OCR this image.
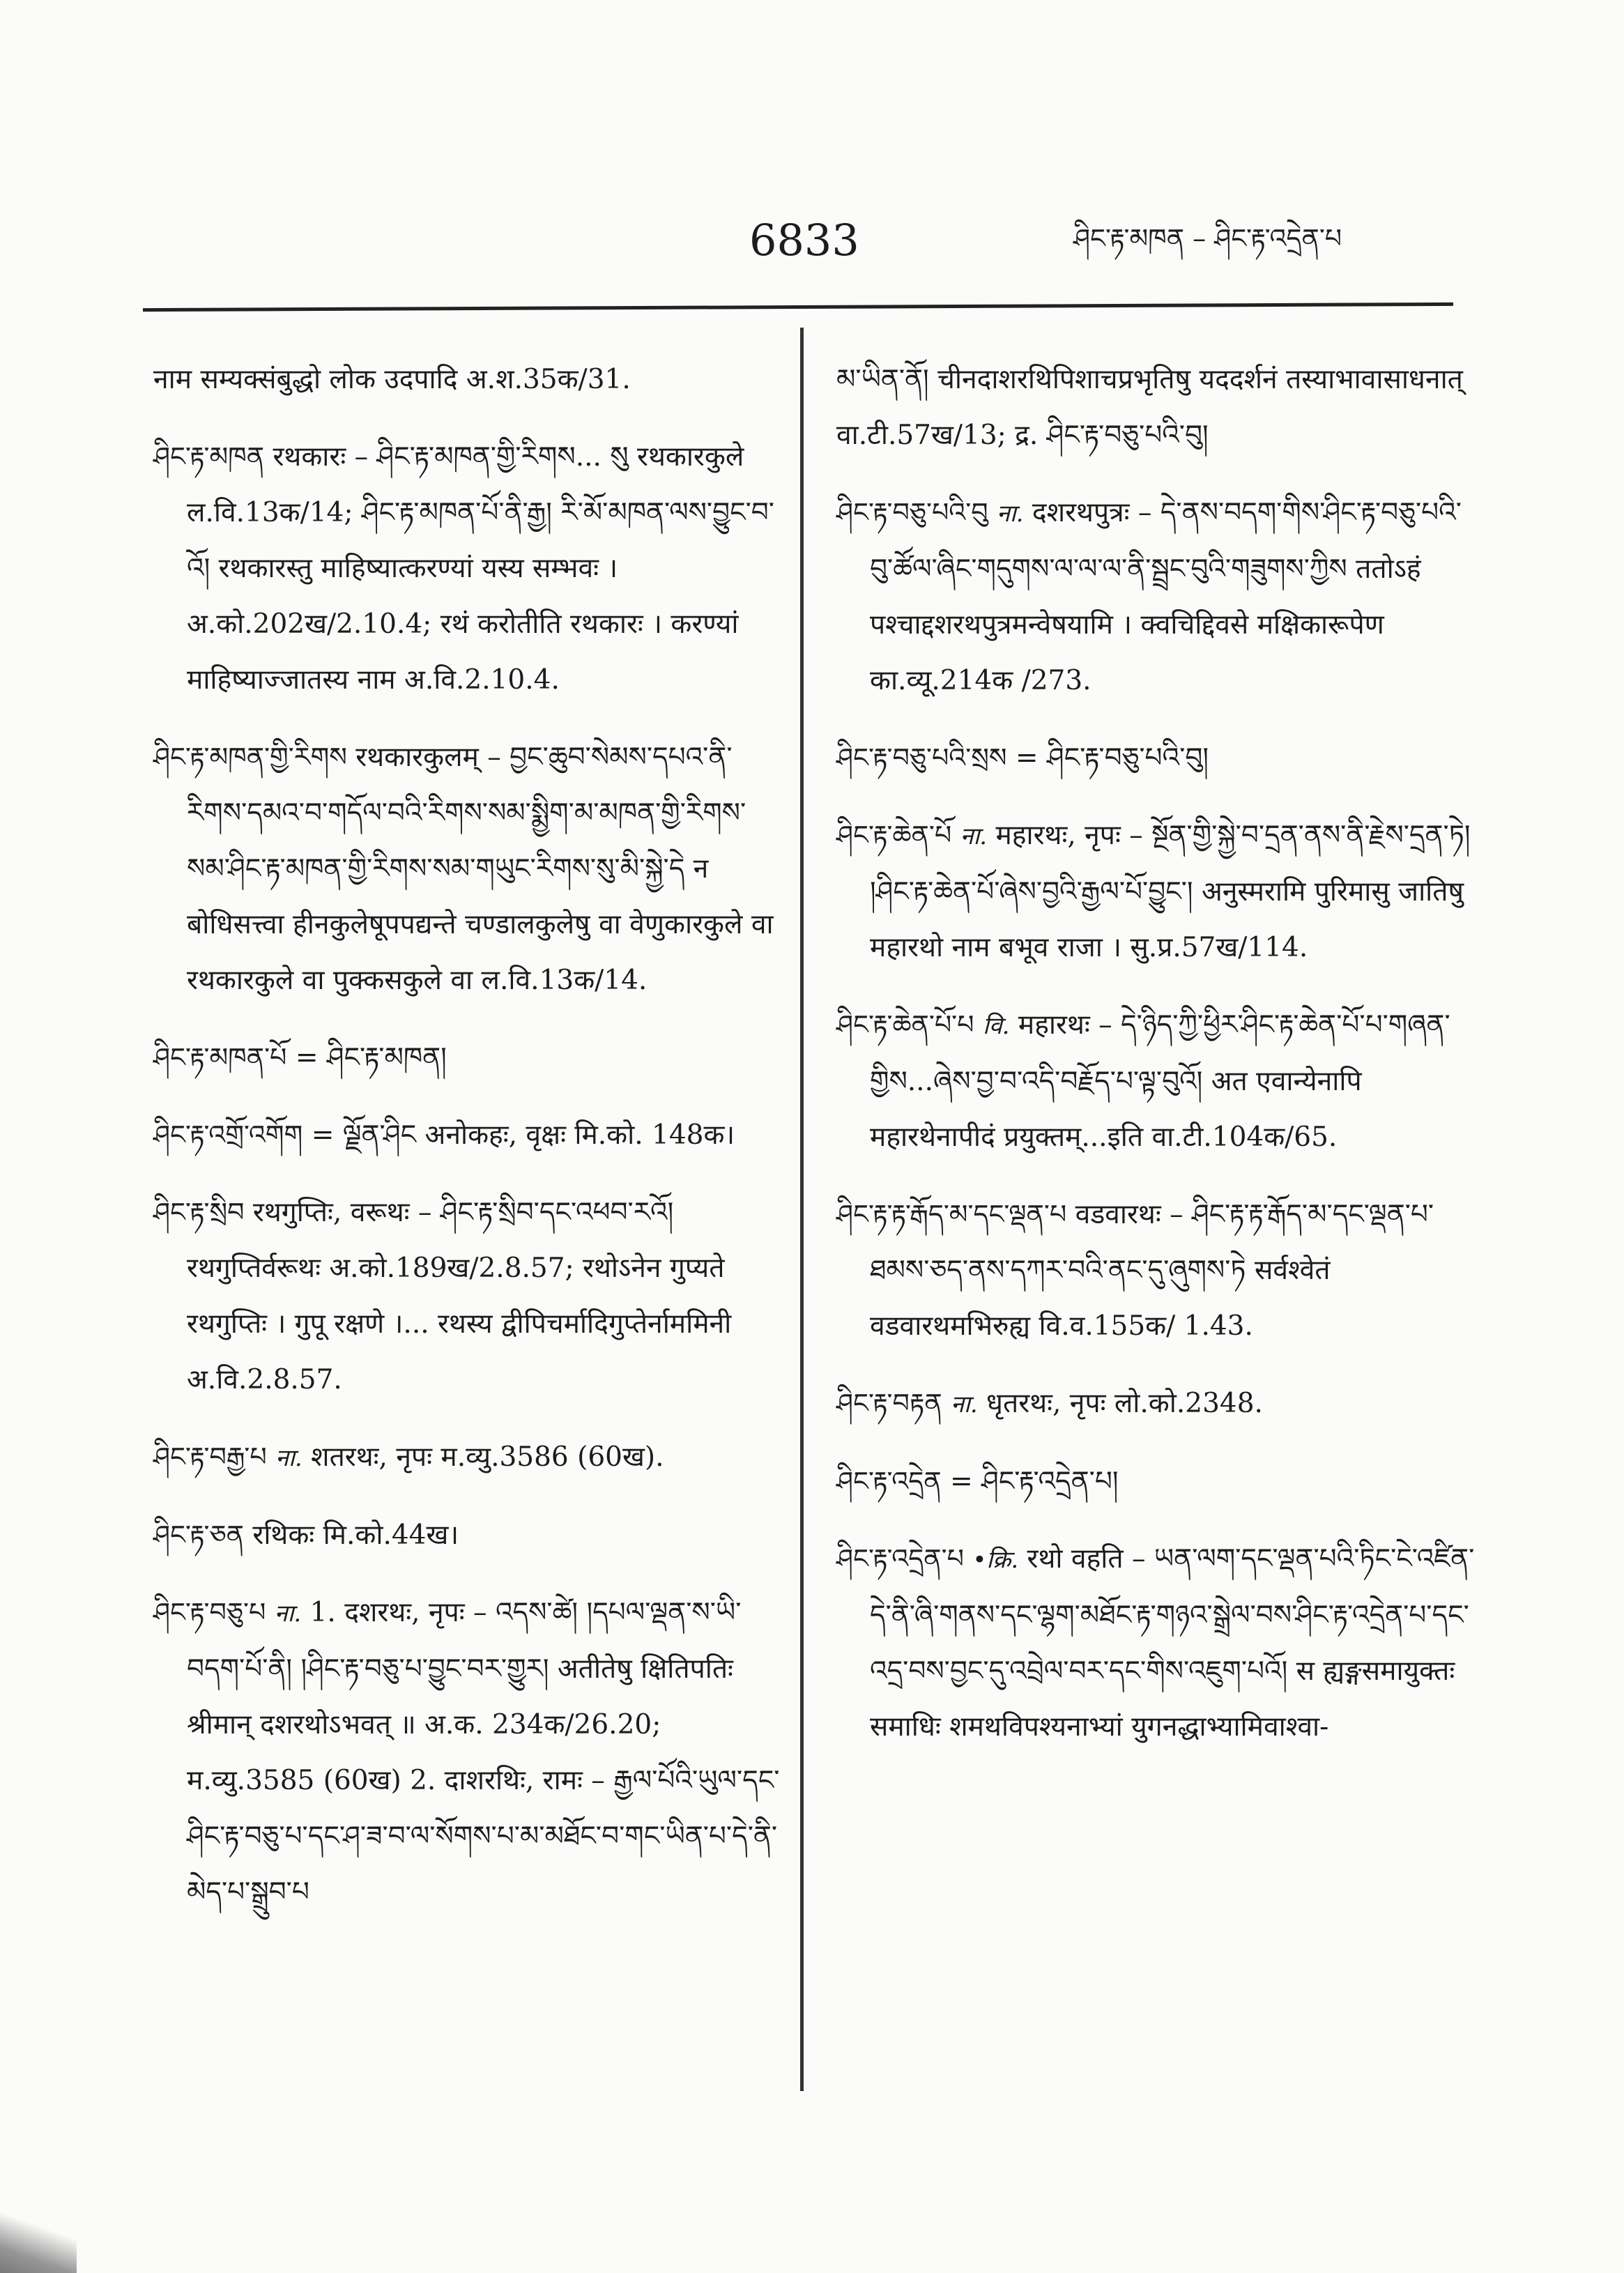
6833	ཤིང་རྟ་མཁན – ཤིང་རྟ་འདྲེན་པ

नाम सम्यक्संबुद्धो लोक उदपादि अ.श.35क/31.

ཤིང་རྟ་མཁན रथकारः – ཤིང་རྟ་མཁན་གྱི་རིགས... སུ रथकारकुले ल.वि.13क/14; ཤིང་རྟ་མཁན་པོ་ནི་རྒྱ། རི་མོ་མཁན་ལས་བྱུང་བ་འོ། रथकारस्तु माहिष्यात्करण्यां यस्य सम्भवः । अ.को.202ख/2.10.4; रथं करोतीति रथकारः । करण्यां माहिष्याज्जातस्य नाम अ.वि.2.10.4.

ཤིང་རྟ་མཁན་གྱི་རིགས रथकारकुलम् – བྱང་ཆུབ་སེམས་དཔའ་ནི་རིགས་དམའ་བ་གདོལ་བའི་རིགས་སམ་སྨྱིག་མ་མཁན་གྱི་རིགས་སམ་ཤིང་རྟ་མཁན་གྱི་རིགས་སམ་གཡུང་རིགས་སུ་མི་སྐྱེ་དེ न बोधिसत्त्वा हीनकुलेषूपपद्यन्ते चण्डालकुलेषु वा वेणुकारकुले वा रथकारकुले वा पुक्कसकुले वा ल.वि.13क/14.

ཤིང་རྟ་མཁན་པོ = ཤིང་རྟ་མཁན།

ཤིང་རྟ་འགྲོ་འགོག = ལྗོན་ཤིང अनोकहः, वृक्षः मि.को. 148क।

ཤིང་རྟ་སྲིབ रथगुप्तिः, वरूथः – ཤིང་རྟ་སྲིབ་དང་འཕབ་རའོ། रथगुप्तिर्वरूथः अ.को.189ख/2.8.57; रथोऽनेन गुप्यते रथगुप्तिः । गुपू रक्षणे ।... रथस्य द्वीपिचर्मादिगुप्तेर्नाममिनी अ.वि.2.8.57.

ཤིང་རྟ་བརྒྱ་པ ना. शतरथः, नृपः म.व्यु.3586 (60ख).

ཤིང་རྟ་ཅན रथिकः मि.को.44ख।

ཤིང་རྟ་བཅུ་པ ना. 1. दशरथः, नृपः – འདས་ཚེ། །དཔལ་ལྡན་ས་ཡི་བདག་པོ་ནི། །ཤིང་རྟ་བཅུ་པ་བྱུང་བར་གྱུར། अतीतेषु क्षितिपतिः श्रीमान् दशरथोऽभवत् ॥ अ.क. 234क/26.20; म.व्यु.3585 (60ख) 2. दाशरथिः, रामः – རྒྱལ་པོའི་ཡུལ་དང་ཤིང་རྟ་བཅུ་པ་དང་ཤ་ཟ་བ་ལ་སོགས་པ་མ་མཐོང་བ་གང་ཡིན་པ་དེ་ནི་མེད་པ་སྒྲུབ་པ

མ་ཡིན་ནོ། चीनदाशरथिपिशाचप्रभृतिषु यददर्शनं तस्याभावासाधनात् वा.टी.57ख/13; द्र. ཤིང་རྟ་བཅུ་པའི་བུ།

ཤིང་རྟ་བཅུ་པའི་བུ ना. दशरथपुत्रः – དེ་ནས་བདག་གིས་ཤིང་རྟ་བཅུ་པའི་བུ་ཚོལ་ཞིང་གདུགས་ལ་ལ་ལ་ནི་སྦྲང་བུའི་གཟུགས་ཀྱིས ततोऽहं पश्चाद्दशरथपुत्रमन्वेषयामि । क्वचिद्दिवसे मक्षिकारूपेण का.व्यू.214क /273.

ཤིང་རྟ་བཅུ་པའི་སྲས = ཤིང་རྟ་བཅུ་པའི་བུ།

ཤིང་རྟ་ཆེན་པོ ना. महारथः, नृपः – སྔོན་གྱི་སྐྱེ་བ་དྲན་ནས་ནི་རྗེས་དྲན་ཏེ། །ཤིང་རྟ་ཆེན་པོ་ཞེས་བྱའི་རྒྱལ་པོ་བྱུང་། अनुस्मरामि पुरिमासु जातिषु महारथो नाम बभूव राजा । सु.प्र.57ख/114.

ཤིང་རྟ་ཆེན་པོ་པ वि. महारथः – དེ་ཉིད་ཀྱི་ཕྱིར་ཤིང་རྟ་ཆེན་པོ་པ་གཞན་གྱིས...ཞེས་བྱ་བ་འདི་བརྗོད་པ་ལྟ་བུའོ། अत एवान्येनापि महारथेनापीदं प्रयुक्तम्...इति वा.टी.104क/65.

ཤིང་རྟ་རྟ་རྒོད་མ་དང་ལྡན་པ वडवारथः – ཤིང་རྟ་རྟ་རྒོད་མ་དང་ལྡན་པ་ཐམས་ཅད་ནས་དཀར་བའི་ནང་དུ་ཞུགས་ཏེ सर्वश्वेतं वडवारथमभिरुह्य वि.व.155क/ 1.43.

ཤིང་རྟ་བརྟན ना. धृतरथः, नृपः लो.को.2348.

ཤིང་རྟ་འདྲེན = ཤིང་རྟ་འདྲེན་པ།

ཤིང་རྟ་འདྲེན་པ •क्रि. रथो वहति – ཡན་ལག་དང་ལྡན་པའི་ཏིང་ངེ་འཛིན་དེ་ནི་ཞི་གནས་དང་ལྷག་མཐོང་རྟ་གཉའ་སྒྲེལ་བས་ཤིང་རྟ་འདྲེན་པ་དང་འདྲ་བས་བྱང་དུ་འབྲེལ་བར་དང་གིས་འཇུག་པའོ། स ह्यङ्गसमायुक्तः समाधिः शमथविपश्यनाभ्यां युगनद्धाभ्यामिवाश्वा-
